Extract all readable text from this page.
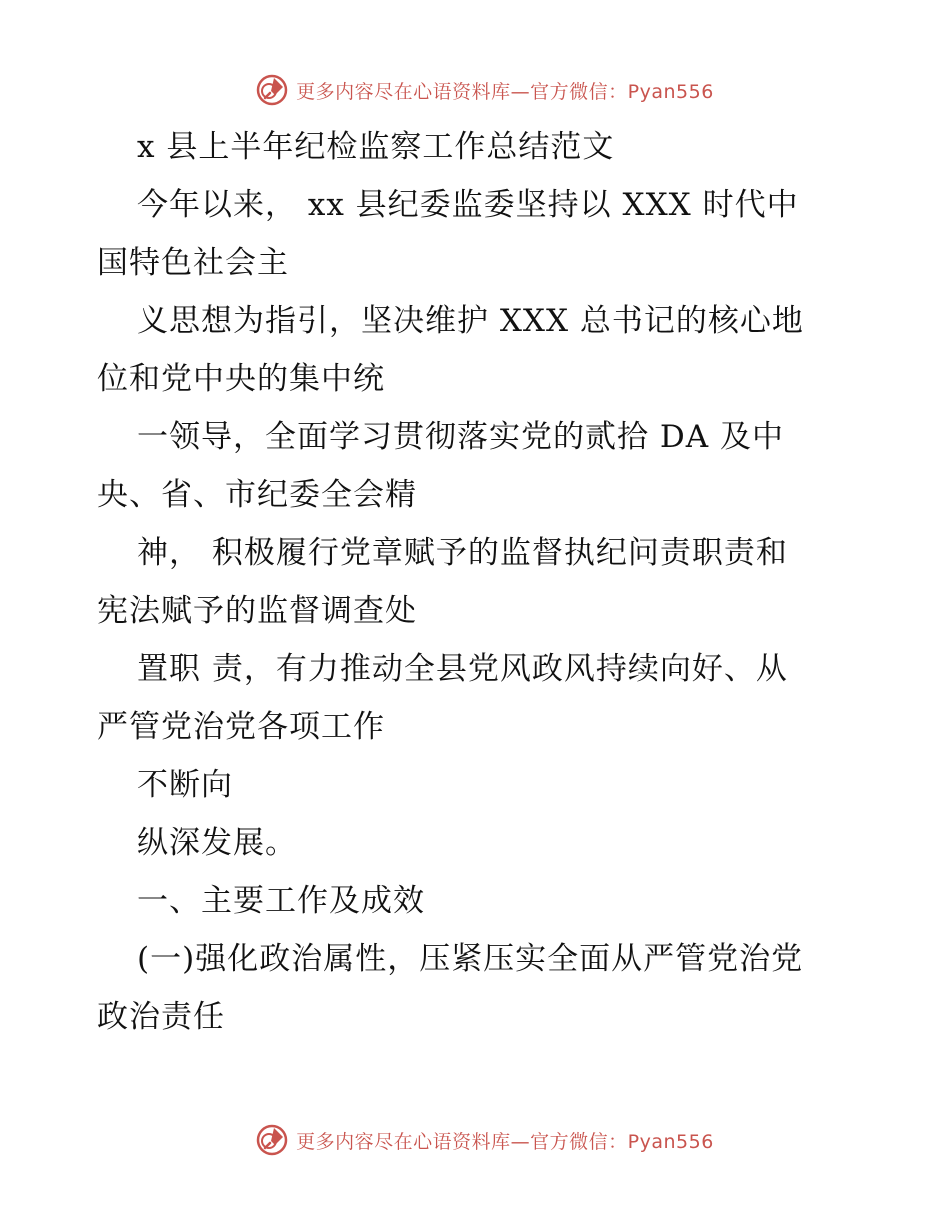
更多内容尽在心语资料库—官方微信：Pyan556
x 县上半年纪检监察工作总结范文
今年以来， xx 县纪委监委坚持以 XXX 时代中
国特色社会主
义思想为指引，坚决维护 XXX 总书记的核心地
位和党中央的集中统
一领导，全面学习贯彻落实党的贰拾 DA 及中
央、省、市纪委全会精
神， 积极履行党章赋予的监督执纪问责职责和
宪法赋予的监督调查处
置职 责，有力推动全县党风政风持续向好、从
严管党治党各项工作
不断向
纵深发展。
一、主要工作及成效
(一)强化政治属性，压紧压实全面从严管党治党
政治责任
更多内容尽在心语资料库—官方微信：Pyan556
